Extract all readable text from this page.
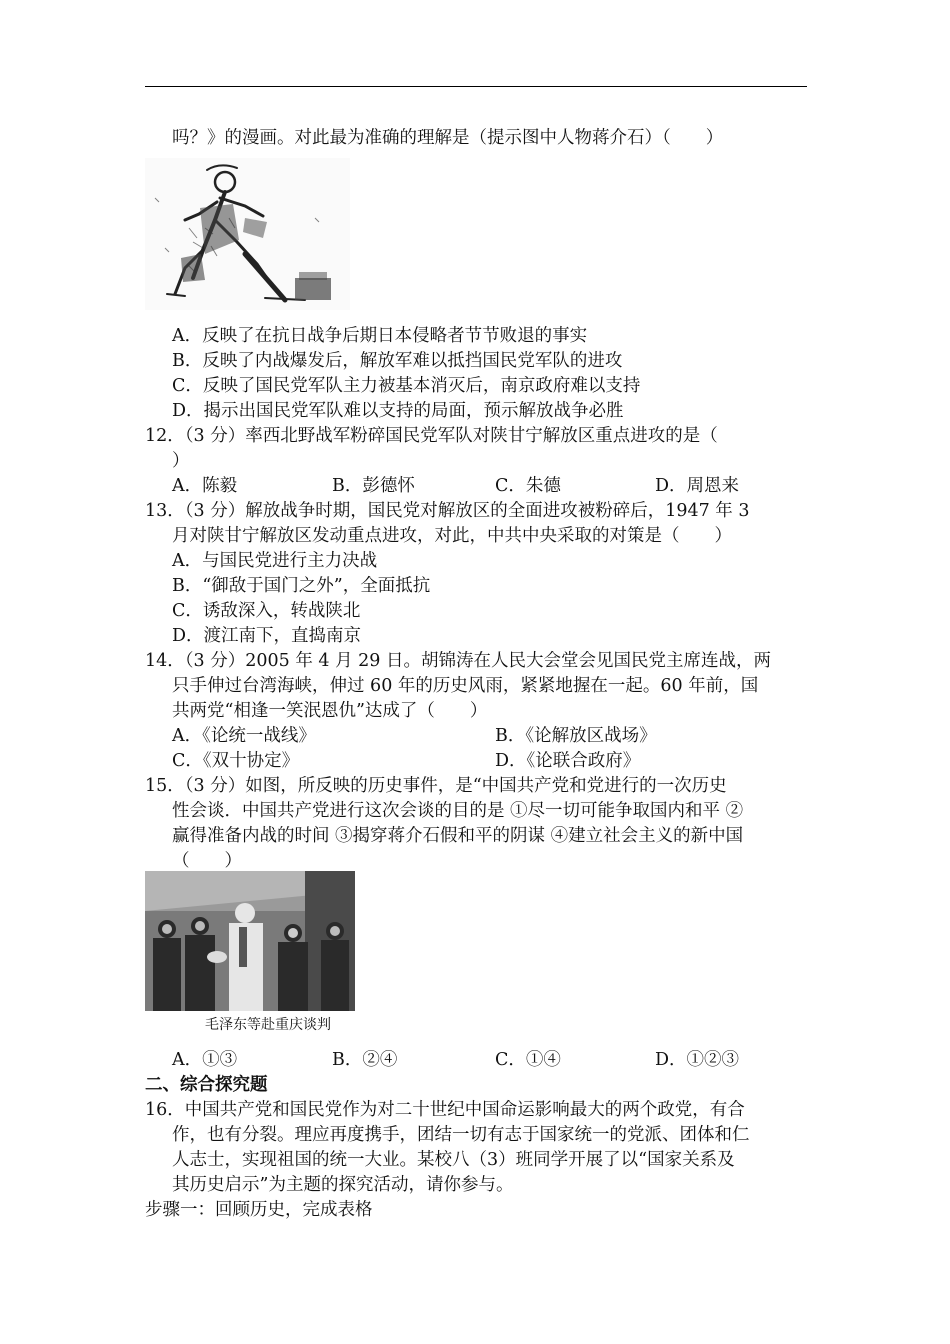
吗？》的漫画。对此最为准确的理解是（提示图中人物蒋介石）（　　）
A．反映了在抗日战争后期日本侵略者节节败退的事实
B．反映了内战爆发后，解放军难以抵挡国民党军队的进攻
C．反映了国民党军队主力被基本消灭后，南京政府难以支持
D．揭示出国民党军队难以支持的局面，预示解放战争必胜
12．（3 分）率西北野战军粉碎国民党军队对陕甘宁解放区重点进攻的是（
）
A．陈毅	B．彭德怀	C．朱德	D．周恩来
13．（3 分）解放战争时期，国民党对解放区的全面进攻被粉碎后，1947 年 3
月对陕甘宁解放区发动重点进攻，对此，中共中央采取的对策是（　　）
A．与国民党进行主力决战
B．“御敌于国门之外”，全面抵抗
C．诱敌深入，转战陕北
D．渡江南下，直捣南京
14．（3 分）2005 年 4 月 29 日。胡锦涛在人民大会堂会见国民党主席连战，两
只手伸过台湾海峡，伸过 60 年的历史风雨，紧紧地握在一起。60 年前，国
共两党“相逢一笑泯恩仇”达成了（　　）
A．《论统一战线》	B．《论解放区战场》
C．《双十协定》	D．《论联合政府》
15．（3 分）如图，所反映的历史事件，是“中国共产党和党进行的一次历史
性会谈．中国共产党进行这次会谈的目的是 ①尽一切可能争取国内和平 ②
赢得准备内战的时间 ③揭穿蒋介石假和平的阴谋 ④建立社会主义的新中国
（　　）
毛泽东等赴重庆谈判
A．①③	B．②④	C．①④	D．①②③
二、综合探究题
16．中国共产党和国民党作为对二十世纪中国命运影响最大的两个政党，有合
作，也有分裂。理应再度携手，团结一切有志于国家统一的党派、团体和仁
人志士，实现祖国的统一大业。某校八（3）班同学开展了以“国家关系及
其历史启示”为主题的探究活动，请你参与。
步骤一：回顾历史，完成表格
